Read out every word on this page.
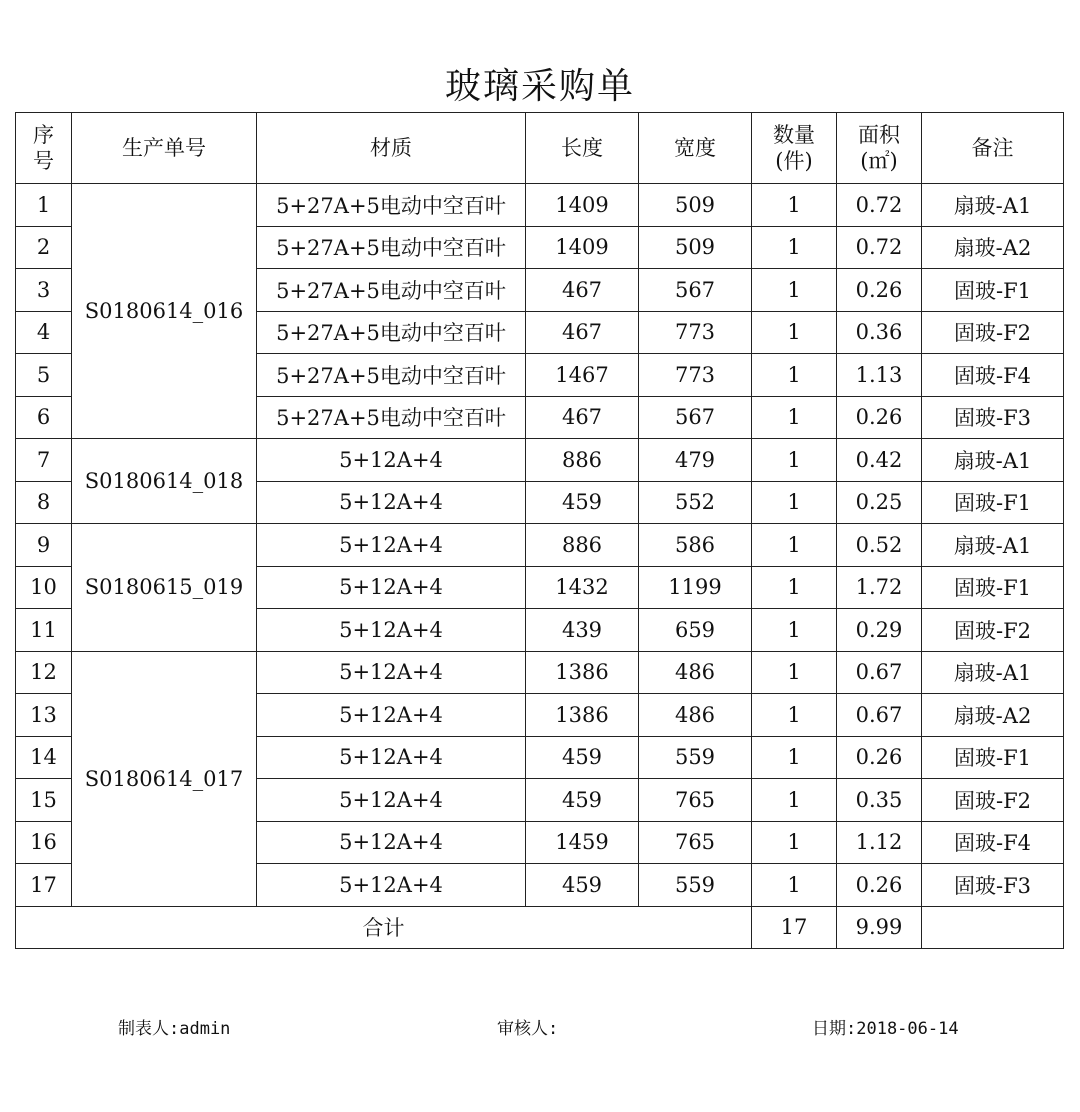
玻璃采购单
序号	生产单号	材质	长度	宽度	数量(件)	面积(㎡)	备注
1	S0180614_016	5+27A+5电动中空百叶	1409	509	1	0.72	扇玻-A1
2		5+27A+5电动中空百叶	1409	509	1	0.72	扇玻-A2
3		5+27A+5电动中空百叶	467	567	1	0.26	固玻-F1
4		5+27A+5电动中空百叶	467	773	1	0.36	固玻-F2
5		5+27A+5电动中空百叶	1467	773	1	1.13	固玻-F4
6		5+27A+5电动中空百叶	467	567	1	0.26	固玻-F3
7	S0180614_018	5+12A+4	886	479	1	0.42	扇玻-A1
8		5+12A+4	459	552	1	0.25	固玻-F1
9	S0180615_019	5+12A+4	886	586	1	0.52	扇玻-A1
10		5+12A+4	1432	1199	1	1.72	固玻-F1
11		5+12A+4	439	659	1	0.29	固玻-F2
12	S0180614_017	5+12A+4	1386	486	1	0.67	扇玻-A1
13		5+12A+4	1386	486	1	0.67	扇玻-A2
14		5+12A+4	459	559	1	0.26	固玻-F1
15		5+12A+4	459	765	1	0.35	固玻-F2
16		5+12A+4	1459	765	1	1.12	固玻-F4
17		5+12A+4	459	559	1	0.26	固玻-F3
合计					17	9.99	
制表人:admin	审核人:	日期:2018-06-14
